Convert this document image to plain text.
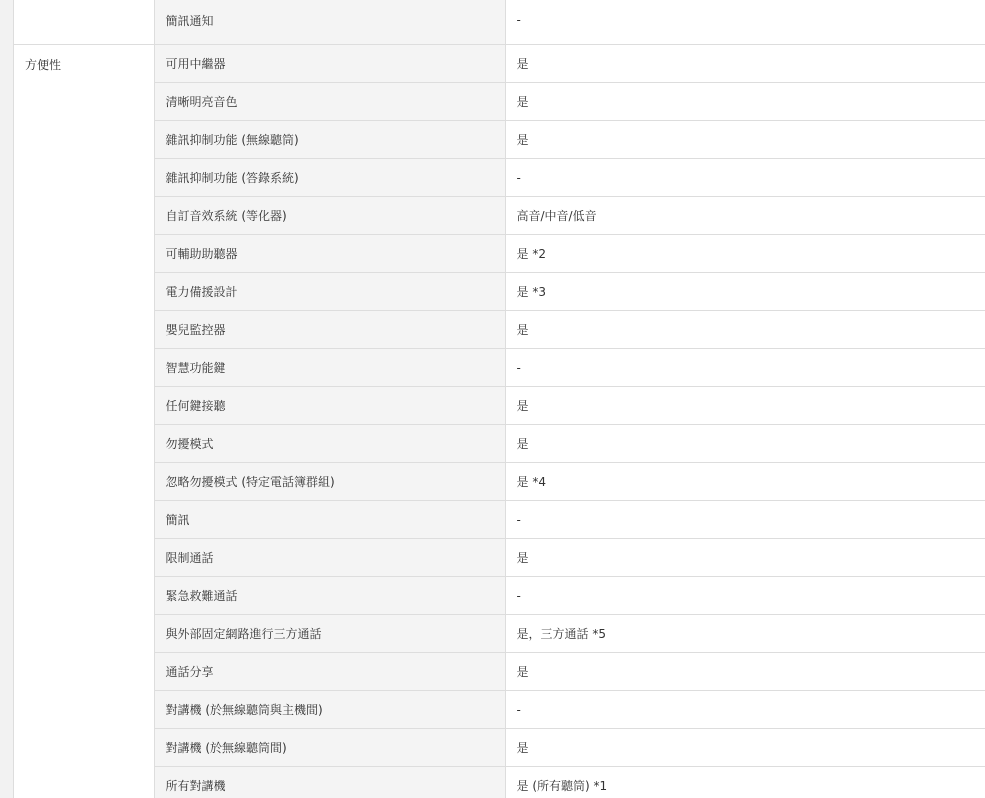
	簡訊通知	-
方便性	可用中繼器	是
	清晰明亮音色	是
	雜訊抑制功能 (無線聽筒)	是
	雜訊抑制功能 (答錄系統)	-
	自訂音效系統 (等化器)	高音/中音/低音
	可輔助助聽器	是 *2
	電力備援設計	是 *3
	嬰兒監控器	是
	智慧功能鍵	-
	任何鍵接聽	是
	勿擾模式	是
	忽略勿擾模式 (特定電話簿群組)	是 *4
	簡訊	-
	限制通話	是
	緊急救難通話	-
	與外部固定網路進行三方通話	是，三方通話 *5
	通話分享	是
	對講機 (於無線聽筒與主機間)	-
	對講機 (於無線聽筒間)	是
	所有對講機	是 (所有聽筒) *1
